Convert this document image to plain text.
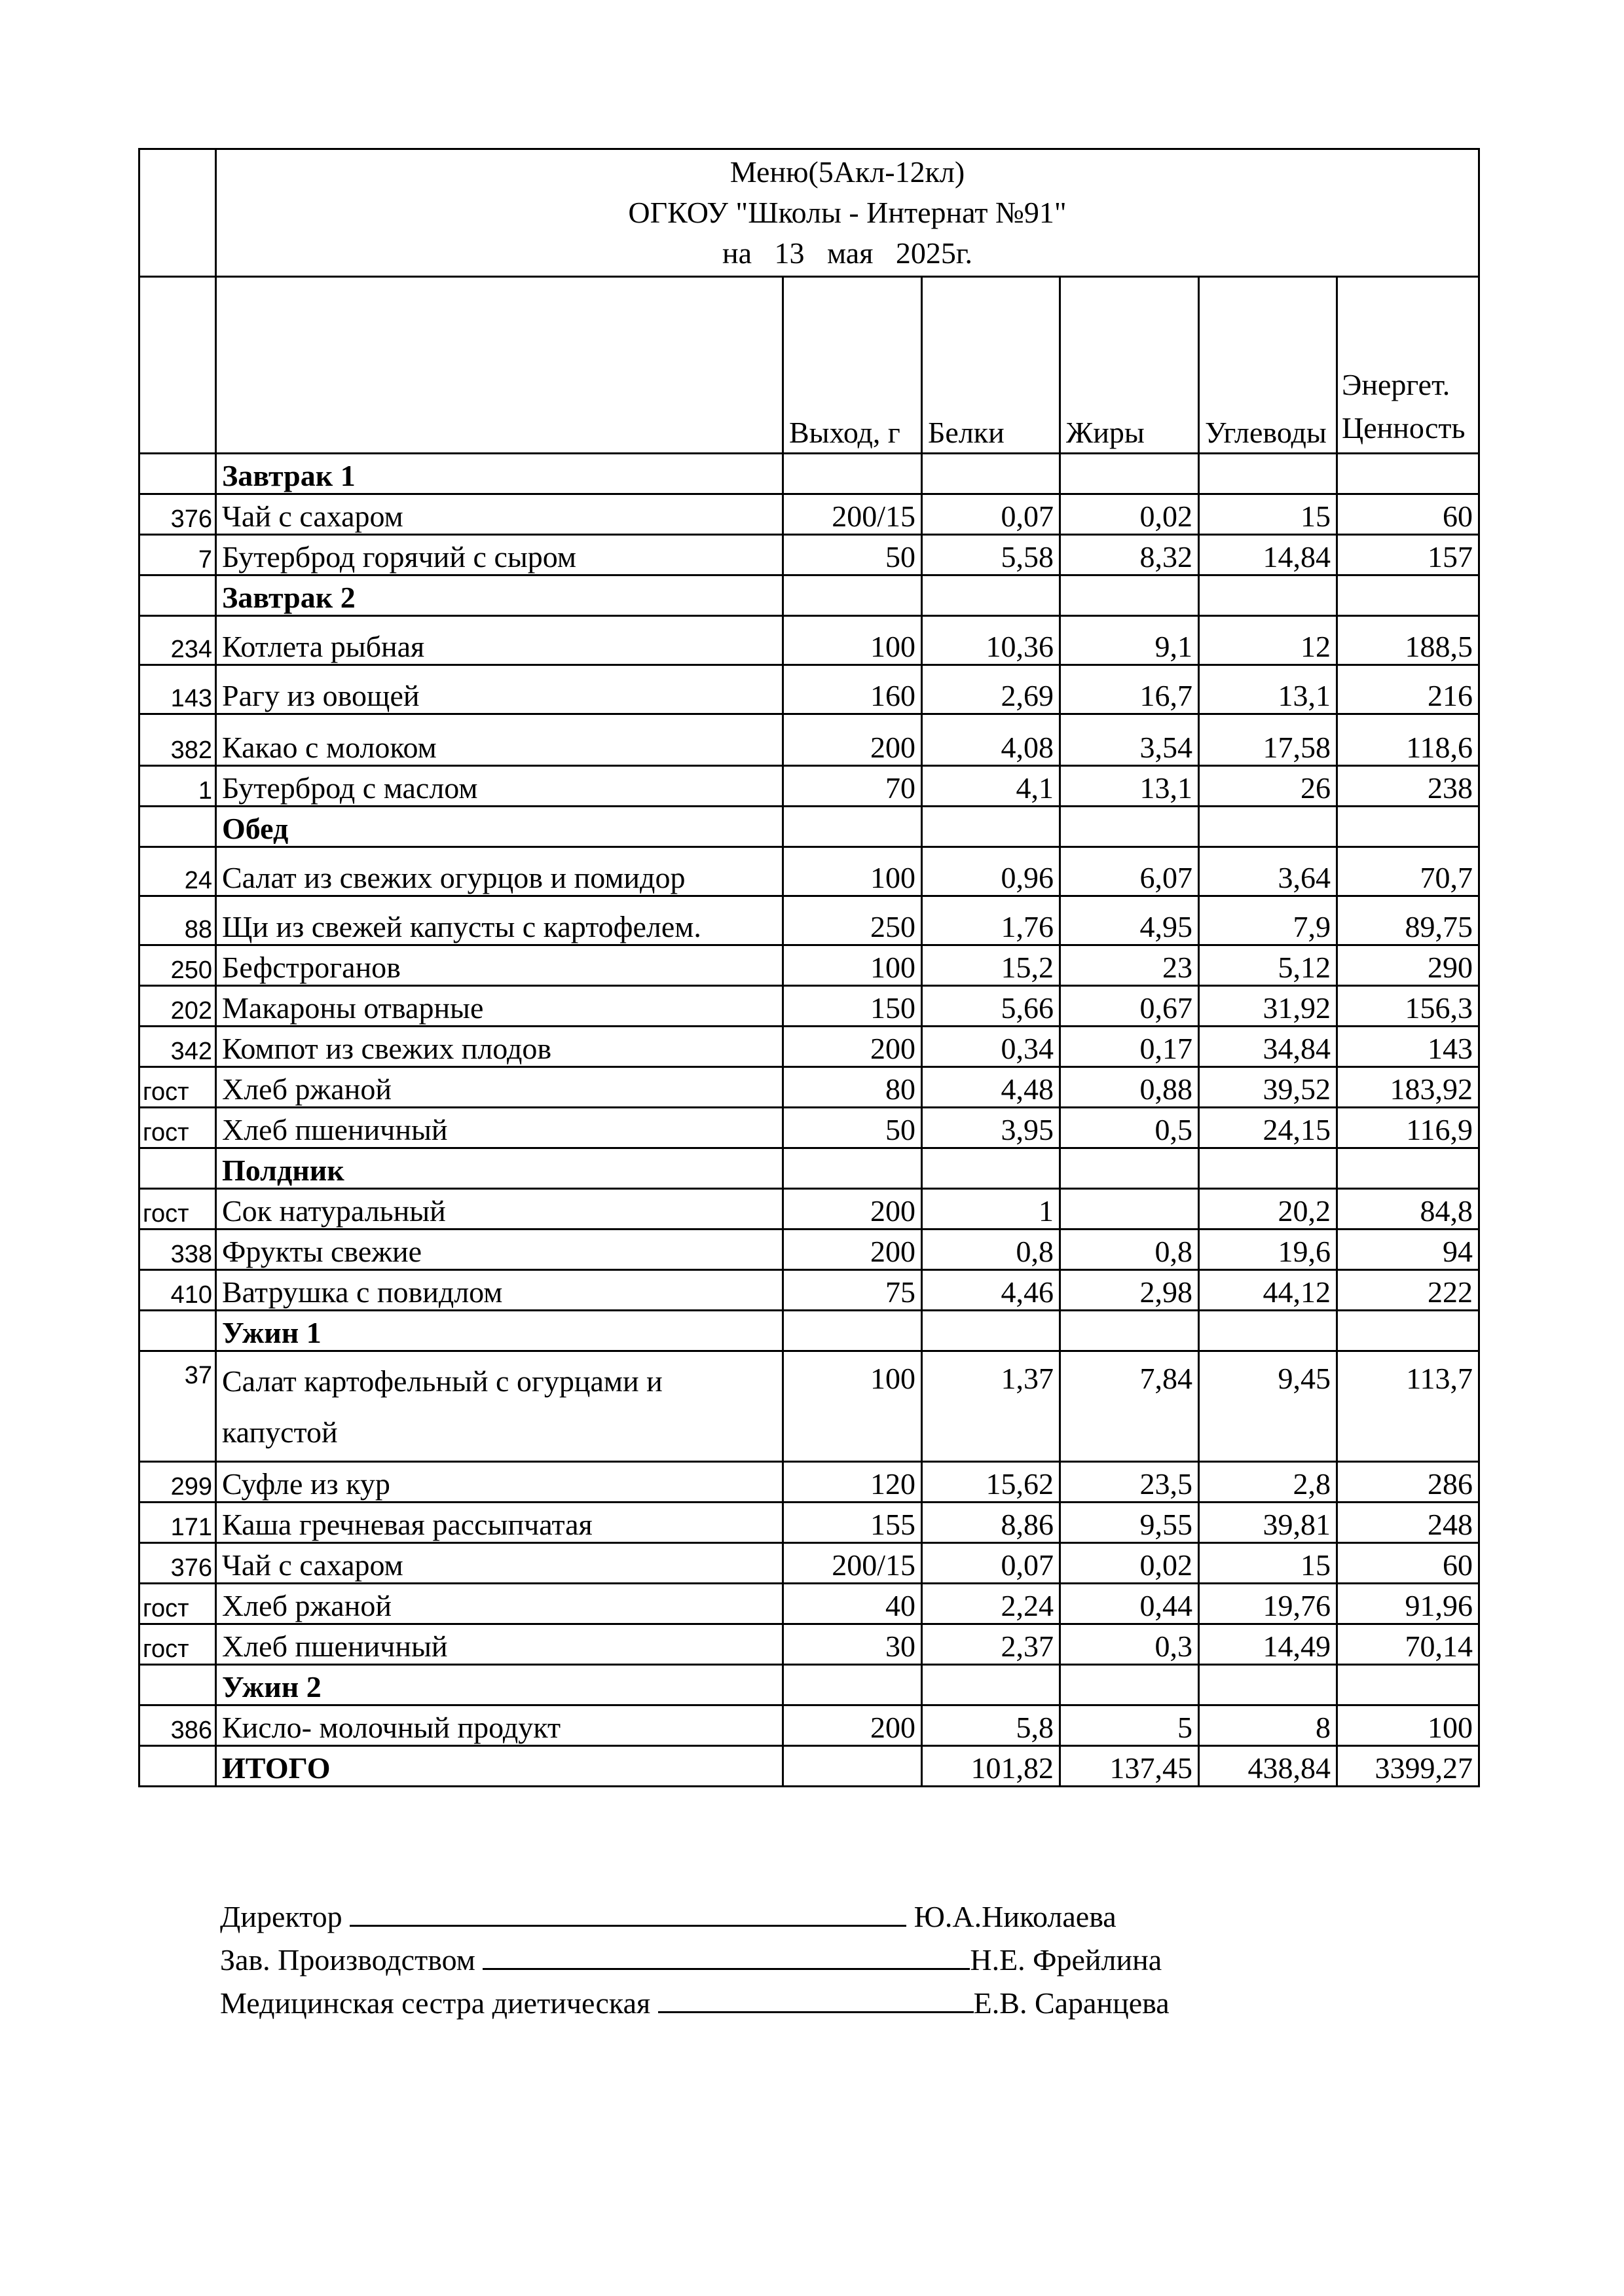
	Меню(5Акл-12кл)
ОГКОУ "Школы - Интернат №91"
на   13   мая   2025г.					

		Выход, г	Белки	Жиры	Углеводы	Энергет. Ценность
	Завтрак 1					
376	Чай с сахаром	200/15	0,07	0,02	15	60
7	Бутерброд горячий с сыром	50	5,58	8,32	14,84	157
	Завтрак 2					
234	Котлета рыбная	100	10,36	9,1	12	188,5
143	Рагу из овощей	160	2,69	16,7	13,1	216
382	Какао с молоком	200	4,08	3,54	17,58	118,6
1	Бутерброд с маслом	70	4,1	13,1	26	238
	Обед					
24	Салат из свежих огурцов и помидор	100	0,96	6,07	3,64	70,7
88	Щи из свежей капусты с картофелем.	250	1,76	4,95	7,9	89,75
250	Бефстроганов	100	15,2	23	5,12	290
202	Макароны отварные	150	5,66	0,67	31,92	156,3
342	Компот из свежих плодов	200	0,34	0,17	34,84	143
гост	Хлеб ржаной	80	4,48	0,88	39,52	183,92
гост	Хлеб пшеничный	50	3,95	0,5	24,15	116,9
	Полдник					
гост	Сок натуральный	200	1		20,2	84,8
338	Фрукты свежие	200	0,8	0,8	19,6	94
410	Ватрушка с повидлом	75	4,46	2,98	44,12	222
	Ужин 1					
37	Салат картофельный с огурцами и капустой	100	1,37	7,84	9,45	113,7
299	Суфле из кур	120	15,62	23,5	2,8	286
171	Каша гречневая рассыпчатая	155	8,86	9,55	39,81	248
376	Чай с сахаром	200/15	0,07	0,02	15	60
гост	Хлеб ржаной	40	2,24	0,44	19,76	91,96
гост	Хлеб пшеничный	30	2,37	0,3	14,49	70,14
	Ужин 2					
386	Кисло- молочный продукт	200	5,8	5	8	100
	ИТОГО		101,82	137,45	438,84	3399,27
Директор	Ю.А.Николаева
Зав. Производством	Н.Е. Фрейлина
Медицинская сестра диетическая	Е.В. Саранцева
